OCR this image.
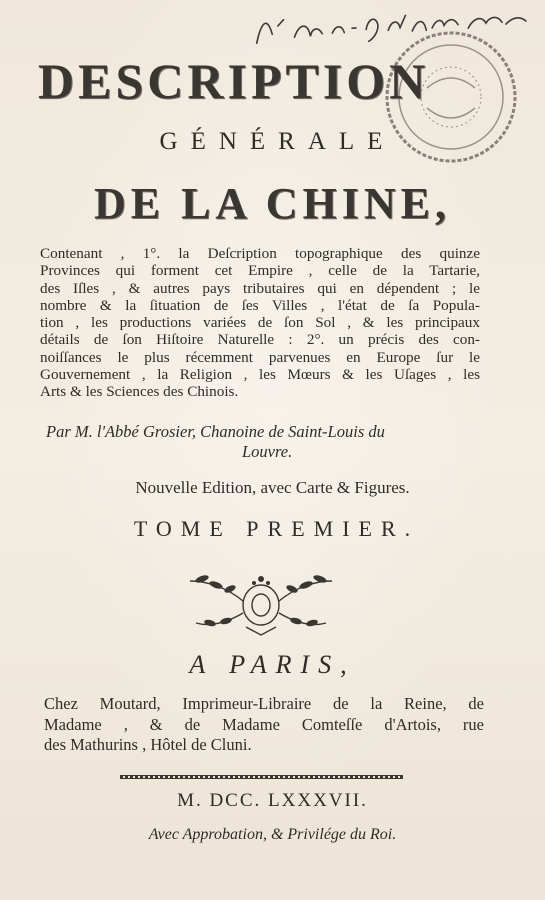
DESCRIPTION
GÉNÉRALE
DE LA CHINE,
Contenant , 1°. la Deſcription topographique des quinze
Provinces qui forment cet Empire , celle de la Tartarie,
des Iſles , & autres pays tributaires qui en dépendent ; le
nombre & la ſituation de ſes Villes , l'état de ſa Popula-
tion , les productions variées de ſon Sol , & les principaux
détails de ſon Hiſtoire Naturelle : 2°. un précis des con-
noiſſances le plus récemment parvenues en Europe ſur le
Gouvernement , la Religion , les Mœurs & les Uſages , les
Arts & les Sciences des Chinois.
Par M. l'Abbé Grosier, Chanoine de Saint-Louis du
Louvre.
Nouvelle Edition, avec Carte & Figures.
TOME PREMIER.
A PARIS,
Chez Moutard, Imprimeur-Libraire de la Reine, de
Madame , & de Madame Comteſſe d'Artois, rue
des Mathurins , Hôtel de Cluni.
M. DCC. LXXXVII.
Avec Approbation, & Privilége du Roi.
